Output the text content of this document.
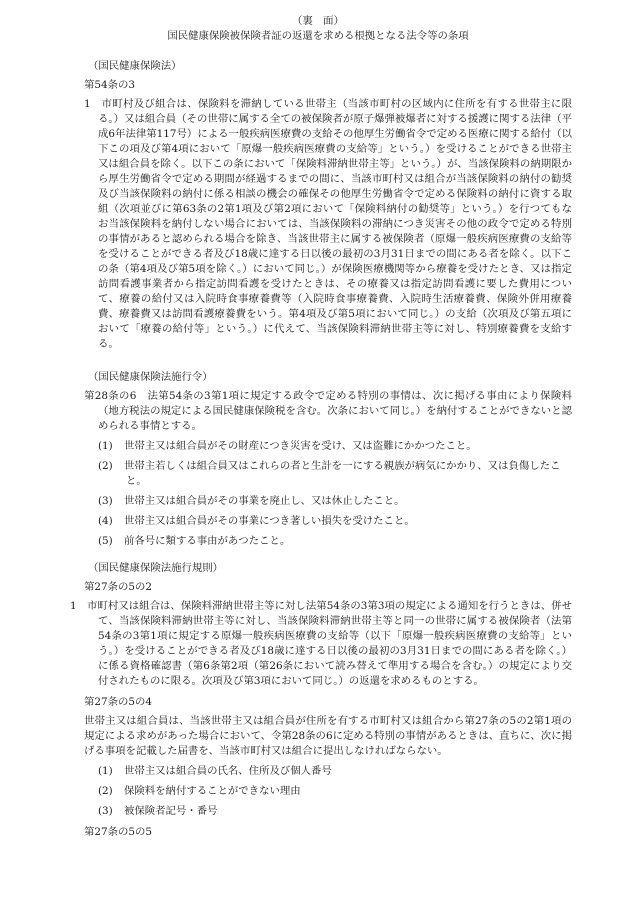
（裏　面）
国民健康保険被保険者証の返還を求める根拠となる法令等の条項
（国民健康保険法）
第54条の3
1　市町村及び組合は、保険料を滞納している世帯主（当該市町村の区域内に住所を有する世帯主に限る。）又は組合員（その世帯に属する全ての被保険者が原子爆弾被爆者に対する援護に関する法律（平成6年法律第117号）による一般疾病医療費の支給その他厚生労働省令で定める医療に関する給付（以下この項及び第4項において「原爆一般疾病医療費の支給等」という。）を受けることができる世帯主又は組合員を除く。以下この条において「保険料滞納世帯主等」という。）が、当該保険料の納期限から厚生労働省令で定める期間が経過するまでの間に、当該市町村又は組合が当該保険料の納付の勧奨及び当該保険料の納付に係る相談の機会の確保その他厚生労働省令で定める保険料の納付に資する取組（次項並びに第63条の2第1項及び第2項において「保険料納付の勧奨等」という。）を行つてもなお当該保険料を納付しない場合においては、当該保険料の滞納につき災害その他の政令で定める特別の事情があると認められる場合を除き、当該世帯主に属する被保険者（原爆一般疾病医療費の支給等を受けることができる者及び18歳に達する日以後の最初の3月31日までの間にある者を除く。以下この条（第4項及び第5項を除く。）において同じ。）が保険医療機関等から療養を受けたとき、又は指定訪問看護事業者から指定訪問看護を受けたときは、その療養又は指定訪問看護に要した費用について、療養の給付又は入院時食事療養費等（入院時食事療養費、入院時生活療養費、保険外併用療養費、療養費又は訪問看護療養費をいう。第4項及び第5項において同じ。）の支給（次項及び第五項において「療養の給付等」という。）に代えて、当該保険料滞納世帯主等に対し、特別療養費を支給する。
（国民健康保険法施行令）
第28条の6　法第54条の3第1項に規定する政令で定める特別の事情は、次に掲げる事由により保険料（地方税法の規定による国民健康保険税を含む。次条において同じ。）を納付することができないと認められる事情とする。
(1) 世帯主又は組合員がその財産につき災害を受け、又は盗難にかかつたこと。
(2) 世帯主若しくは組合員又はこれらの者と生計を一にする親族が病気にかかり、又は負傷したこと。
(3) 世帯主又は組合員がその事業を廃止し、又は休止したこと。
(4) 世帯主又は組合員がその事業につき著しい損失を受けたこと。
(5) 前各号に類する事由があつたこと。
（国民健康保険法施行規則）
第27条の5の2
1　市町村又は組合は、保険料滞納世帯主等に対し法第54条の3第3項の規定による通知を行うときは、併せて、当該保険料滞納世帯主等に対し、当該保険料滞納世帯主等と同一の世帯に属する被保険者（法第54条の3第1項に規定する原爆一般疾病医療費の支給等（以下「原爆一般疾病医療費の支給等」という。）を受けることができる者及び18歳に達する日以後の最初の3月31日までの間にある者を除く。）に係る資格確認書（第6条第2項（第26条において読み替えて準用する場合を含む。）の規定により交付されたものに限る。次項及び第3項において同じ。）の返還を求めるものとする。
第27条の5の4
世帯主又は組合員は、当該世帯主又は組合員が住所を有する市町村又は組合から第27条の5の2第1項の規定による求めがあった場合において、令第28条の6に定める特別の事情があるときは、直ちに、次に掲げる事項を記載した届書を、当該市町村又は組合に提出しなければならない。
(1) 世帯主又は組合員の氏名、住所及び個人番号
(2) 保険料を納付することができない理由
(3) 被保険者記号・番号
第27条の5の5
